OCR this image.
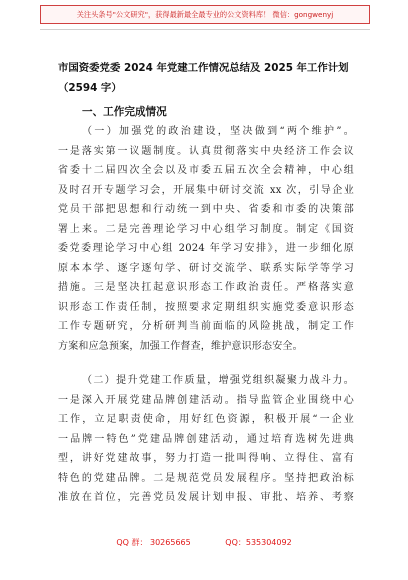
关注头条号"公文研究"，获得最新最全最专业的公文资料库！ 微信：gongwenyj
市国资委党委 2024 年党建工作情况总结及 2025 年工作计划
（2594 字）
一、工作完成情况
（一）加强党的政治建设，坚决做到“两个维护”。
一是落实第一议题制度。认真贯彻落实中央经济工作会议
省委十二届四次全会以及市委五届五次全会精神，中心组
及时召开专题学习会，开展集中研讨交流 xx 次，引导企业
党员干部把思想和行动统一到中央、省委和市委的决策部
署上来。二是完善理论学习中心组学习制度。制定《国资
委党委理论学习中心组 2024 年学习安排》，进一步细化原
原本本学、逐字逐句学、研讨交流学、联系实际学等学习
措施。三是坚决扛起意识形态工作政治责任。严格落实意
识形态工作责任制，按照要求定期组织实施党委意识形态
工作专题研究，分析研判当前面临的风险挑战，制定工作
方案和应急预案，加强工作督查，维护意识形态安全。
（二）提升党建工作质量，增强党组织凝聚力战斗力。
一是深入开展党建品牌创建活动。指导监管企业围绕中心
工作，立足职责使命，用好红色资源，积极开展“一企业
一品牌一特色”党建品牌创建活动，通过培育选树先进典
型，讲好党建故事，努力打造一批叫得响、立得住、富有
特色的党建品牌。二是规范党员发展程序。坚持把政治标
准放在首位，完善党员发展计划申报、审批、培养、考察
QQ 群： 30265665	QQ：535304092
